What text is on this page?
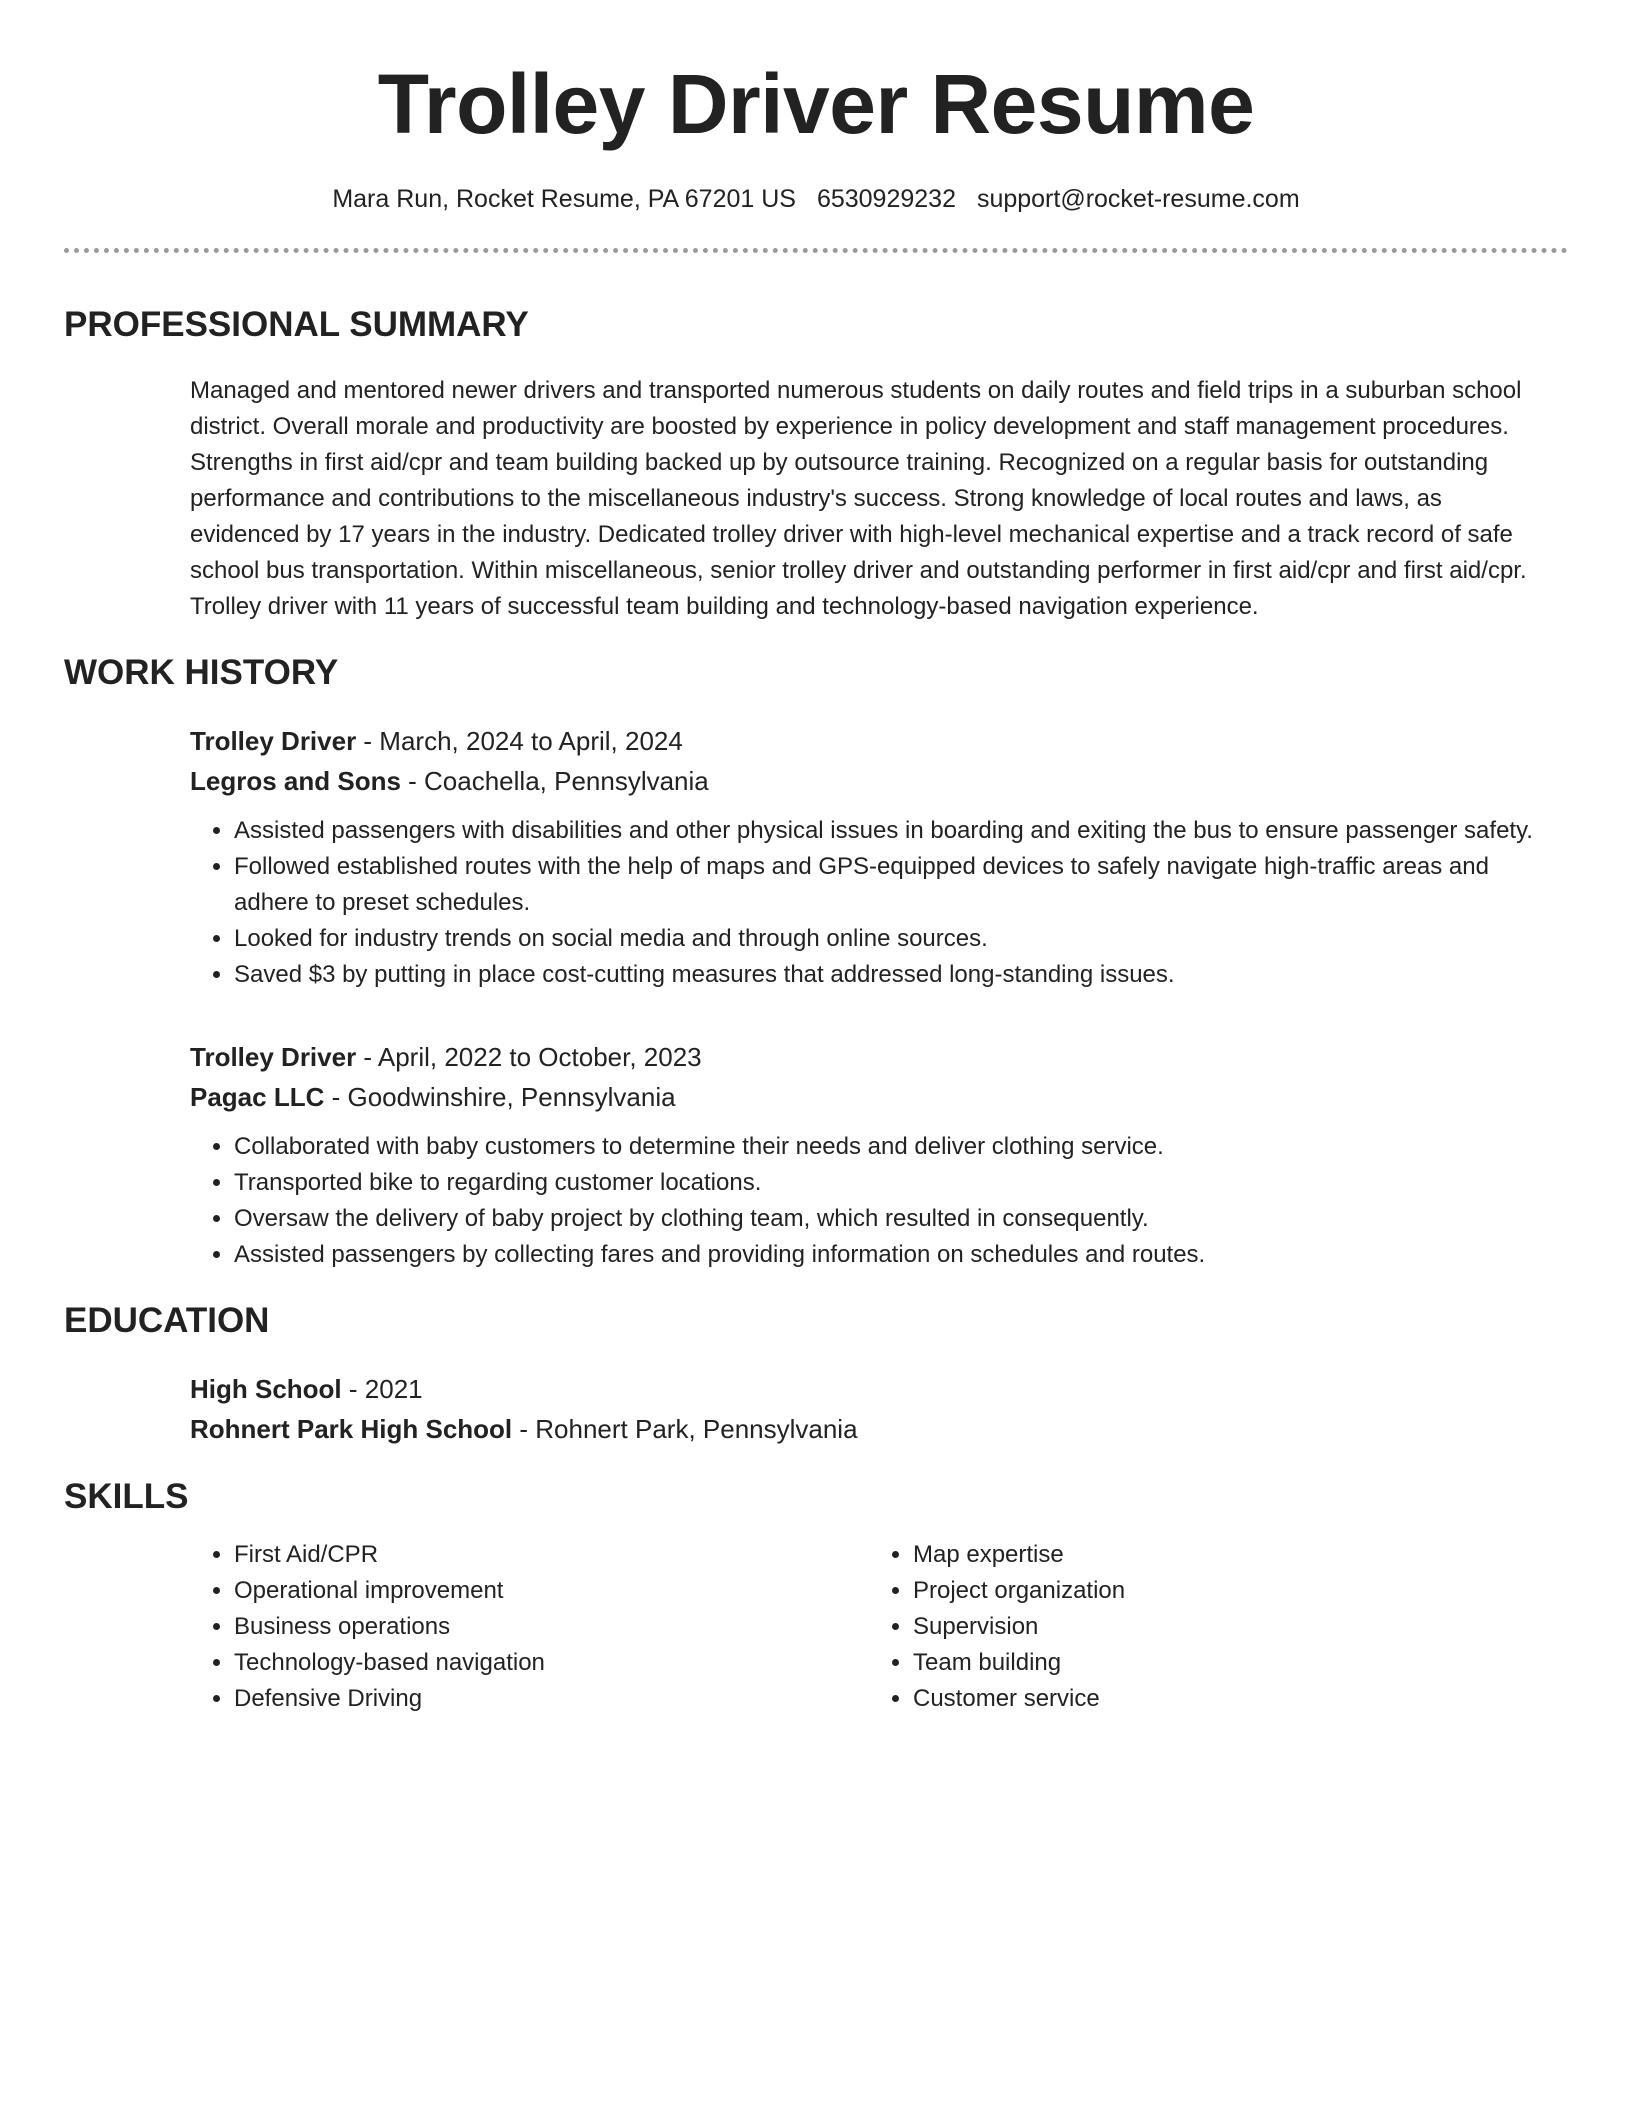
Trolley Driver Resume
Mara Run, Rocket Resume, PA 67201 US 6530929232 support@rocket-resume.com
PROFESSIONAL SUMMARY

Managed and mentored newer drivers and transported numerous students on daily routes and field trips in a suburban school district. Overall morale and productivity are boosted by experience in policy development and staff management procedures. Strengths in first aid/cpr and team building backed up by outsource training. Recognized on a regular basis for outstanding performance and contributions to the miscellaneous industry's success. Strong knowledge of local routes and laws, as evidenced by 17 years in the industry. Dedicated trolley driver with high-level mechanical expertise and a track record of safe school bus transportation. Within miscellaneous, senior trolley driver and outstanding performer in first aid/cpr and first aid/cpr. Trolley driver with 11 years of successful team building and technology-based navigation experience.

WORK HISTORY

Trolley Driver - March, 2024 to April, 2024

Legros and Sons - Coachella, Pennsylvania

• Assisted passengers with disabilities and other physical issues in boarding and exiting the bus to ensure passenger safety.
• Followed established routes with the help of maps and GPS-equipped devices to safely navigate high-traffic areas and adhere to preset schedules.
• Looked for industry trends on social media and through online sources.
• Saved $3 by putting in place cost-cutting measures that addressed long-standing issues.

Trolley Driver - April, 2022 to October, 2023

Pagac LLC - Goodwinshire, Pennsylvania

• Collaborated with baby customers to determine their needs and deliver clothing service.
• Transported bike to regarding customer locations.
• Oversaw the delivery of baby project by clothing team, which resulted in consequently.
• Assisted passengers by collecting fares and providing information on schedules and routes.
EDUCATION

High School - 2021

Rohnert Park High School - Rohnert Park, Pennsylvania

SKILLS
• First Aid/CPR
• Operational improvement
• Business operations
• Technology-based navigation
• Defensive Driving
• Map expertise
• Project organization
• Supervision
• Team building
• Customer service
